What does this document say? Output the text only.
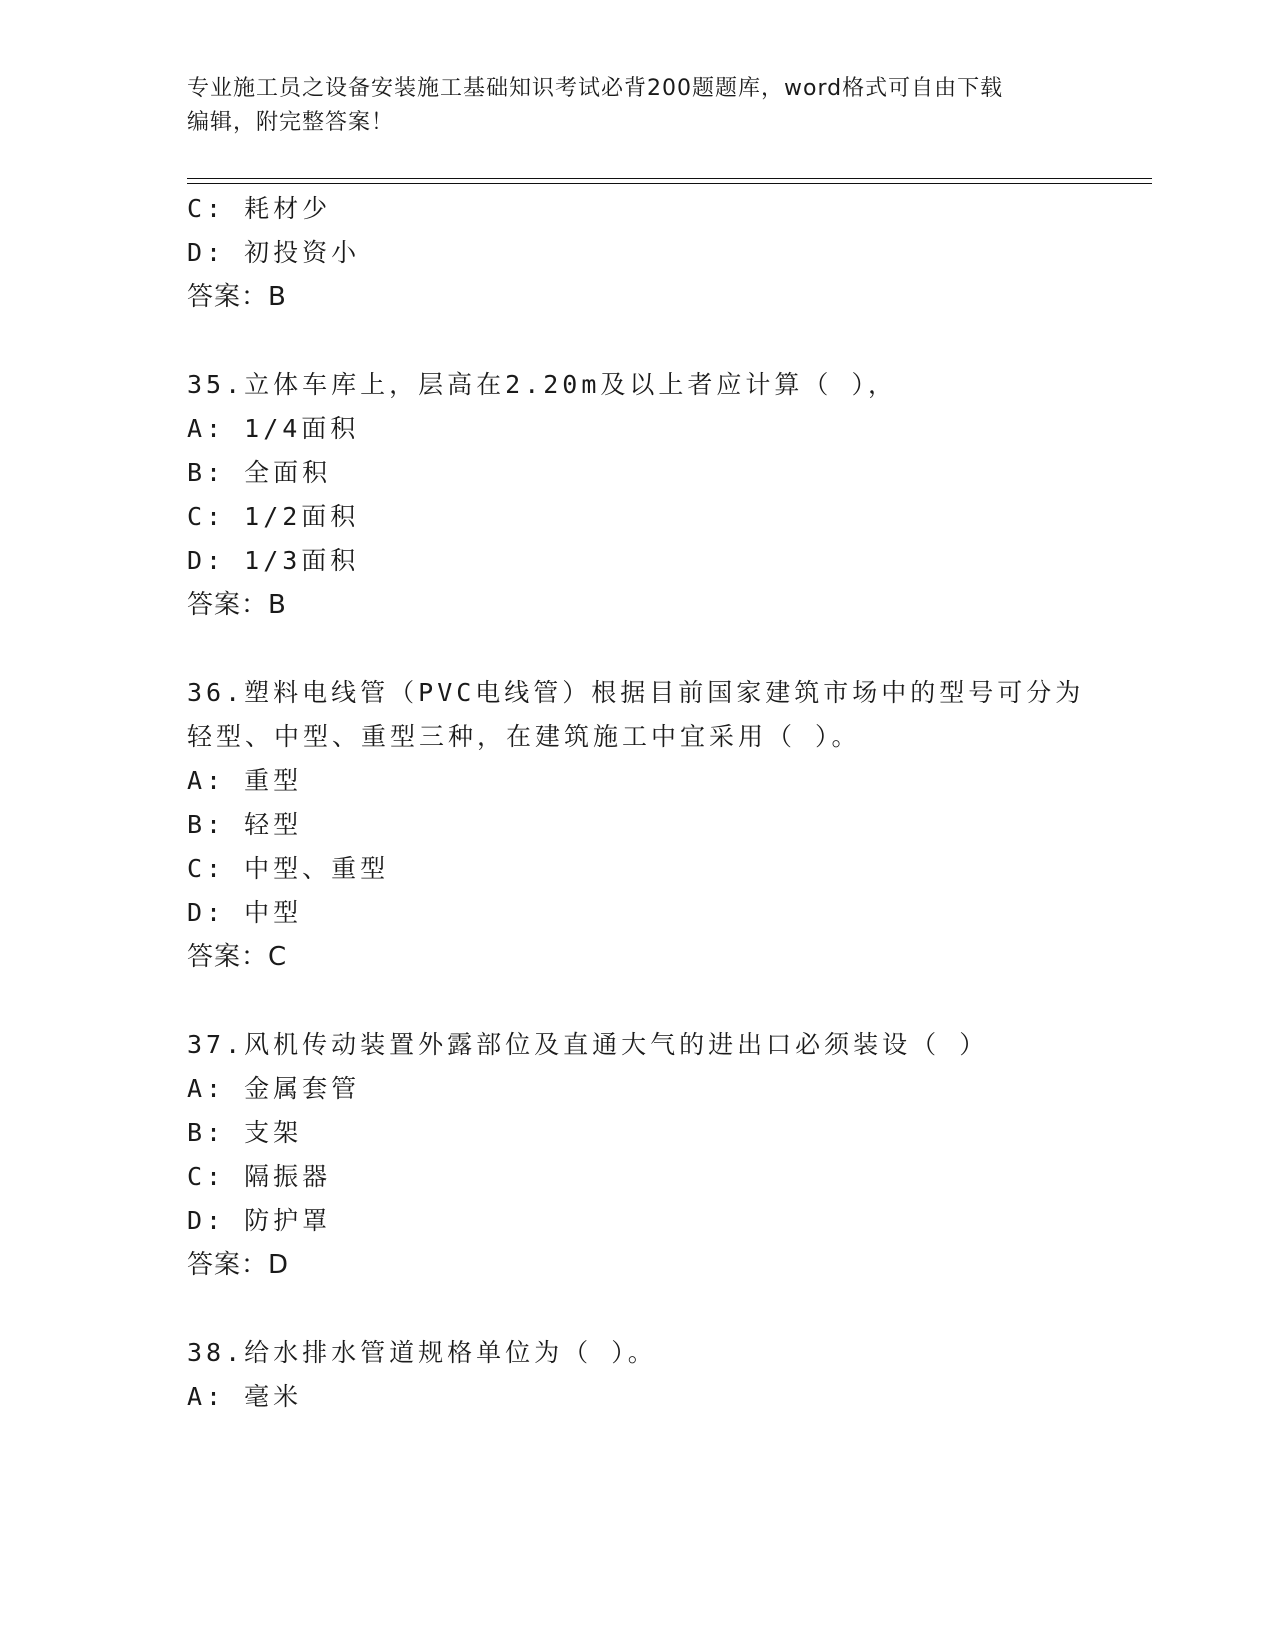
专业施工员之设备安装施工基础知识考试必背200题题库，word格式可自由下载
编辑，附完整答案！
C: 耗材少
D: 初投资小
答案：B
35.立体车库上，层高在2.20m及以上者应计算（ ），
A: 1/4面积
B: 全面积
C: 1/2面积
D: 1/3面积
答案：B
36.塑料电线管（PVC电线管）根据目前国家建筑市场中的型号可分为
轻型、中型、重型三种，在建筑施工中宜采用（ ）。
A: 重型
B: 轻型
C: 中型、重型
D: 中型
答案：C
37.风机传动装置外露部位及直通大气的进出口必须装设（ ）
A: 金属套管
B: 支架
C: 隔振器
D: 防护罩
答案：D
38.给水排水管道规格单位为（ ）。
A: 毫米
